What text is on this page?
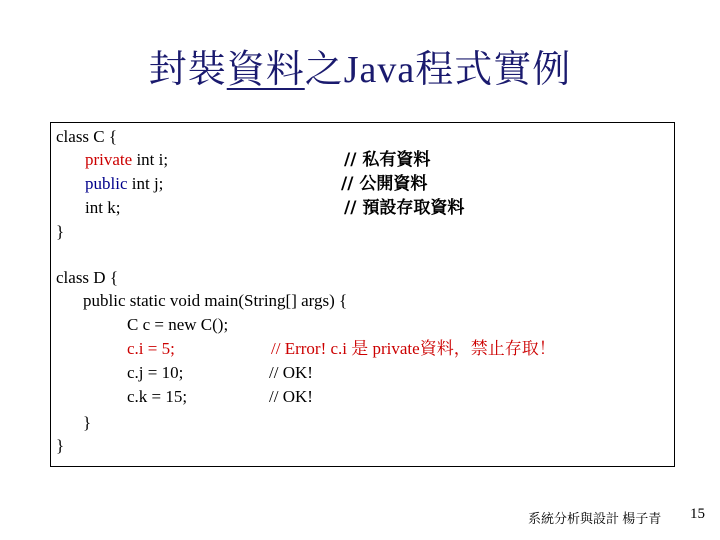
封裝資料之Java程式實例
class C {
private int i;	// 私有資料
public int j;	// 公開資料
int k;	// 預設存取資料
}
class D {
public static void main(String[] args) {
C c = new C();
c.i = 5;	// Error! c.i 是 private資料，禁止存取！
c.j = 10;	// OK!
c.k = 15;	// OK!
}
}
系統分析與設計 楊子青 15
